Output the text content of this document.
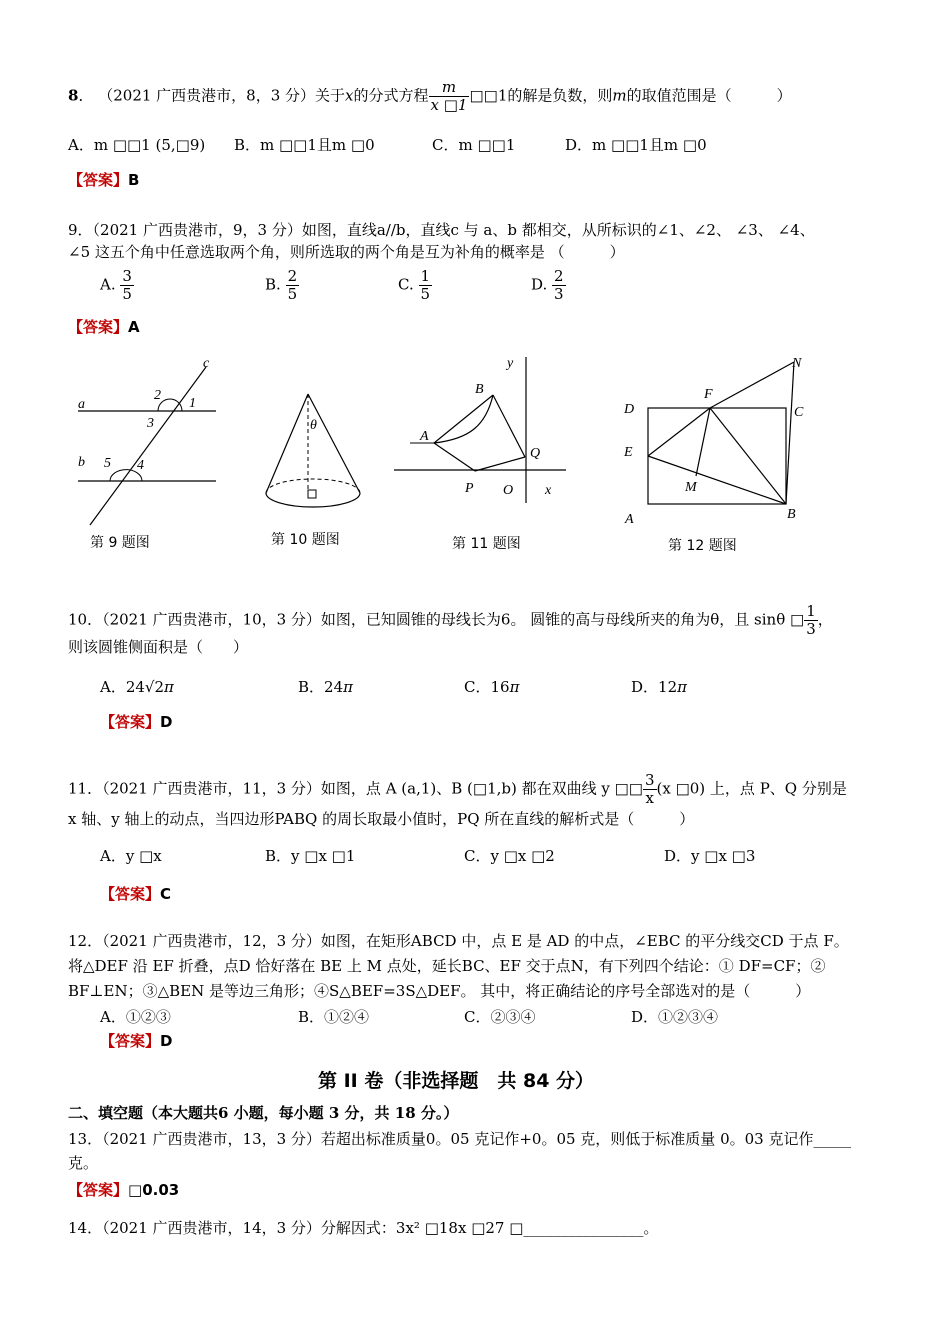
8． （2021 广西贵港市，8，3 分）关于x的分式方程 $\frac{m}{x □1}$ □□1的解是负数，则m的取值范围是（　　　）
A．m □□1 (5,□9) B．m □□1且m □0	C．m □□1	D．m □□1且m □0
【答案】B
9．（2021 广西贵港市，9，3 分）如图，直线a//b，直线c 与 a、b 都相交，从所标识的∠1、∠2、 ∠3、 ∠4、
∠5 这五个角中任意选取两个角，则所选取的两个角是互为补角的概率是 （　　　）
A. $\frac{3}{5}$	B. $\frac{2}{5}$	C. $\frac{1}{5}$	D. $\frac{2}{3}$
【答案】A
a
b
c
1
2
3
4
5
第 9 题图
θ
第 10 题图
A
B
P
Q
O x
y
第 11 题图
A	B
C
D
E
F
M
N
第 12 题图
10．（2021 广西贵港市，10，3 分）如图，已知圆锥的母线长为6。 圆锥的高与母线所夹的角为θ，且 sinθ □ $\frac{1}{3}$ ，
则该圆锥侧面积是（　　）
A．24√2π	B．24π	C．16π	D．12π
【答案】D
11．（2021 广西贵港市，11，3 分）如图，点 A (a,1)、B (□1,b) 都在双曲线 y □□ $\frac{3}{x} (x$ □0) 上，点 P、Q 分别是
x 轴、y 轴上的动点，当四边形PABQ 的周长取最小值时，PQ 所在直线的解析式是（　　　）
A．y □x	B．y □x □1	C．y □x □2	D．y □x □3
【答案】C
12．（2021 广西贵港市，12，3 分）如图，在矩形ABCD 中，点 E 是 AD 的中点，∠EBC 的平分线交CD 于点 F。
将△DEF 沿 EF 折叠，点D 恰好落在 BE 上 M 点处，延长BC、EF 交于点N，有下列四个结论：① DF=CF；②
BF⊥EN；③△BEN 是等边三角形；④S△BEF=3S△DEF。 其中，将正确结论的序号全部选对的是（　　　）
A．①②③	B．①②④	C．②③④	D．①②③④
【答案】D
第 II 卷（非选择题　共 84 分）
二、填空题（本大题共6 小题，每小题 3 分，共 18 分。）
13．（2021 广西贵港市，13，3 分）若超出标准质量0。05 克记作+0。05 克，则低于标准质量 0。03 克记作_____
克。
【答案】□0.03
14．（2021 广西贵港市，14，3 分）分解因式：3x² □18x □27 □________________。
